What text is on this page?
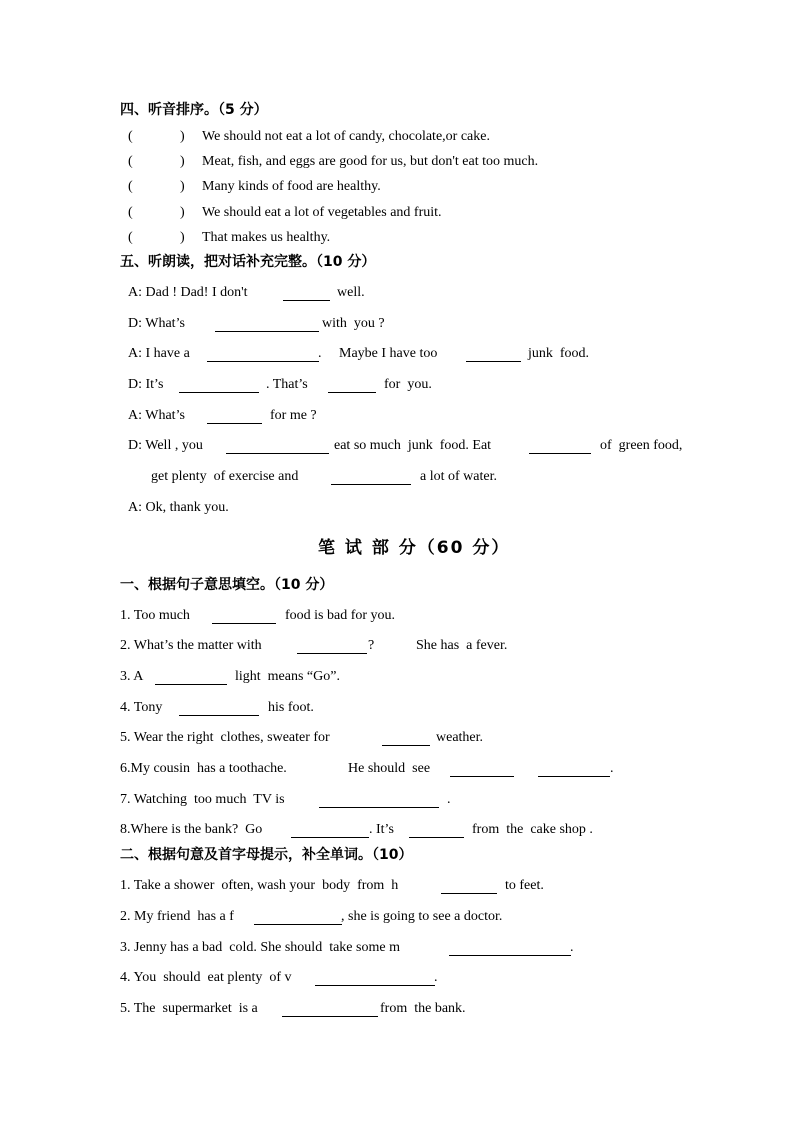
四、听音排序。（5 分）
(	) We should not eat a lot of candy, chocolate,or cake.
(	) Meat, fish, and eggs are good for us, but don't eat too much.
(	) Many kinds of food are healthy.
(	) We should eat a lot of vegetables and fruit.
(	) That makes us healthy.
五、听朗读，把对话补充完整。（10 分）
A: Dad ! Dad! I don't	well.
D: What’s	with  you ?
A: I have a	. Maybe I have too	junk  food.
D: It’s	. That’s	for  you.
A: What’s	for me ?
D: Well , you	eat so much  junk  food. Eat	of  green food,
get plenty  of exercise and	a lot of water.
A: Ok, thank you.
笔 试 部 分（60 分）
一、根据句子意思填空。（10 分）
1. Too much	food is bad for you.
2. What’s the matter with	?	She has  a fever.
3. A	light  means “Go”.
4. Tony	his foot.
5. Wear the right  clothes, sweater for	weather.
6.My cousin  has a toothache.	He should  see	.
7. Watching  too much  TV is	.
8.Where is the bank?  Go	. It’s	from  the  cake shop .
二、根据句意及首字母提示，补全单词。（10）
1. Take a shower  often, wash your  body  from  h	to feet.
2. My friend  has a f	, she is going to see a doctor.
3. Jenny has a bad  cold. She should  take some m	.
4. You  should  eat plenty  of v	.
5. The  supermarket  is a	from  the bank.
